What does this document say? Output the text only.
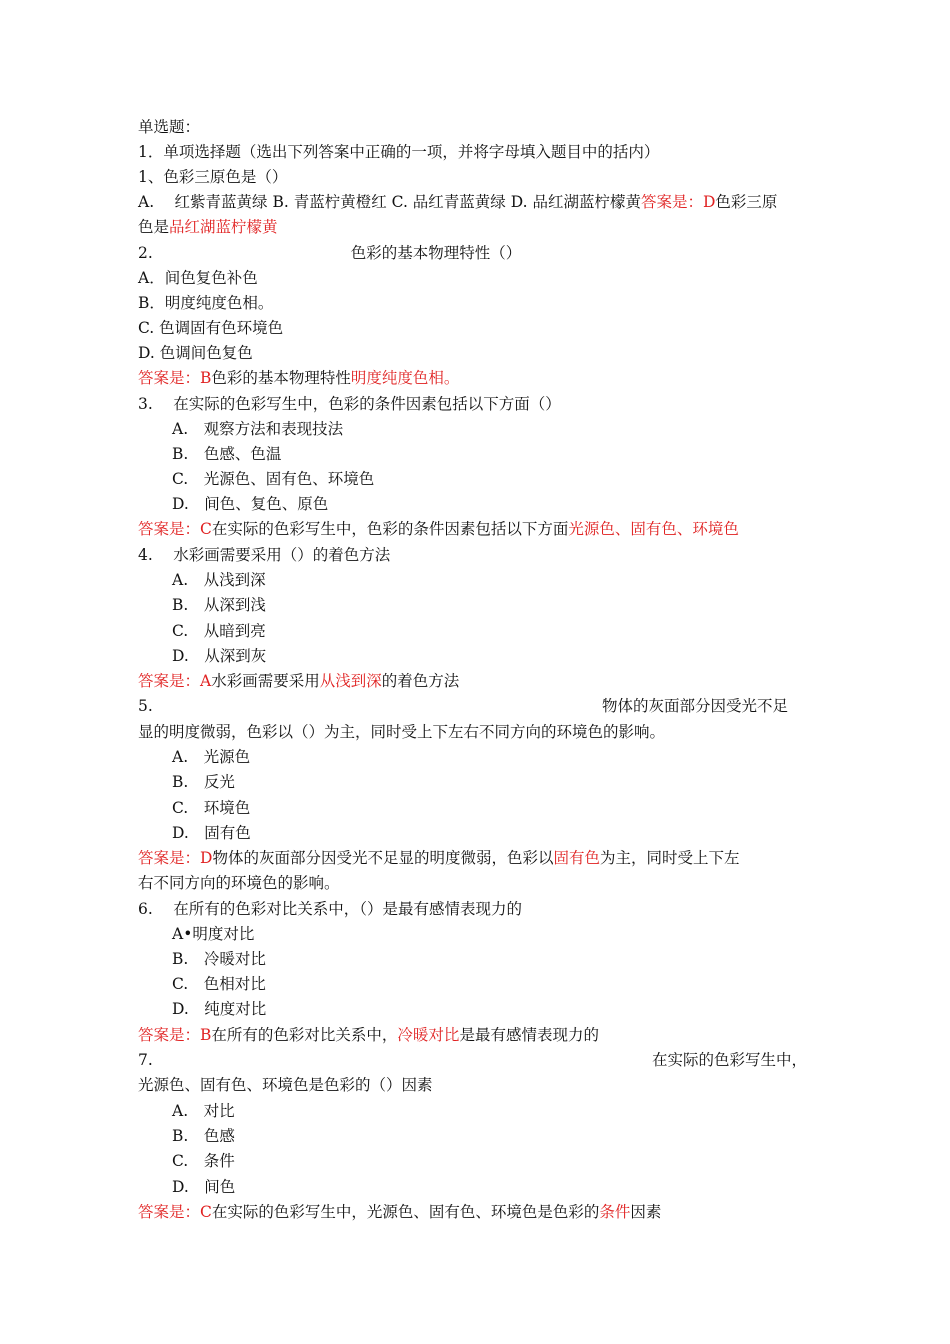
单选题：
1．单项选择题（选出下列答案中正确的一项，并将字母填入题目中的括内）
1、色彩三原色是（）
A.　 红紫青蓝黄绿 B. 青蓝柠黄橙红 C. 品红青蓝黄绿 D. 品红湖蓝柠檬黄答案是：D色彩三原
色是品红湖蓝柠檬黄
2.	色彩的基本物理特性（）
A．间色复色补色
B．明度纯度色相。
C. 色调固有色环境色
D. 色调间色复色
答案是：B色彩的基本物理特性明度纯度色相。
3.　 在实际的色彩写生中，色彩的条件因素包括以下方面（）
A.　观察方法和表现技法
B.　色感、色温
C.　光源色、固有色、环境色
D.　间色、复色、原色
答案是：C在实际的色彩写生中，色彩的条件因素包括以下方面光源色、固有色、环境色
4.　 水彩画需要采用（）的着色方法
A.　从浅到深
B.　从深到浅
C.　从暗到亮
D.　从深到灰
答案是：A水彩画需要采用从浅到深的着色方法
5.	物体的灰面部分因受光不足
显的明度微弱，色彩以（）为主，同时受上下左右不同方向的环境色的影响。
A.　光源色
B.　反光
C.　环境色
D.　固有色
答案是：D物体的灰面部分因受光不足显的明度微弱，色彩以固有色为主，同时受上下左
右不同方向的环境色的影响。
6.　 在所有的色彩对比关系中，（）是最有感情表现力的
A•明度对比
B.　冷暖对比
C.　色相对比
D.　纯度对比
答案是：B在所有的色彩对比关系中，冷暖对比是最有感情表现力的
7.	在实际的色彩写生中，
光源色、固有色、环境色是色彩的（）因素
A.　对比
B.　色感
C.　条件
D.　间色
答案是：C在实际的色彩写生中，光源色、固有色、环境色是色彩的条件因素
